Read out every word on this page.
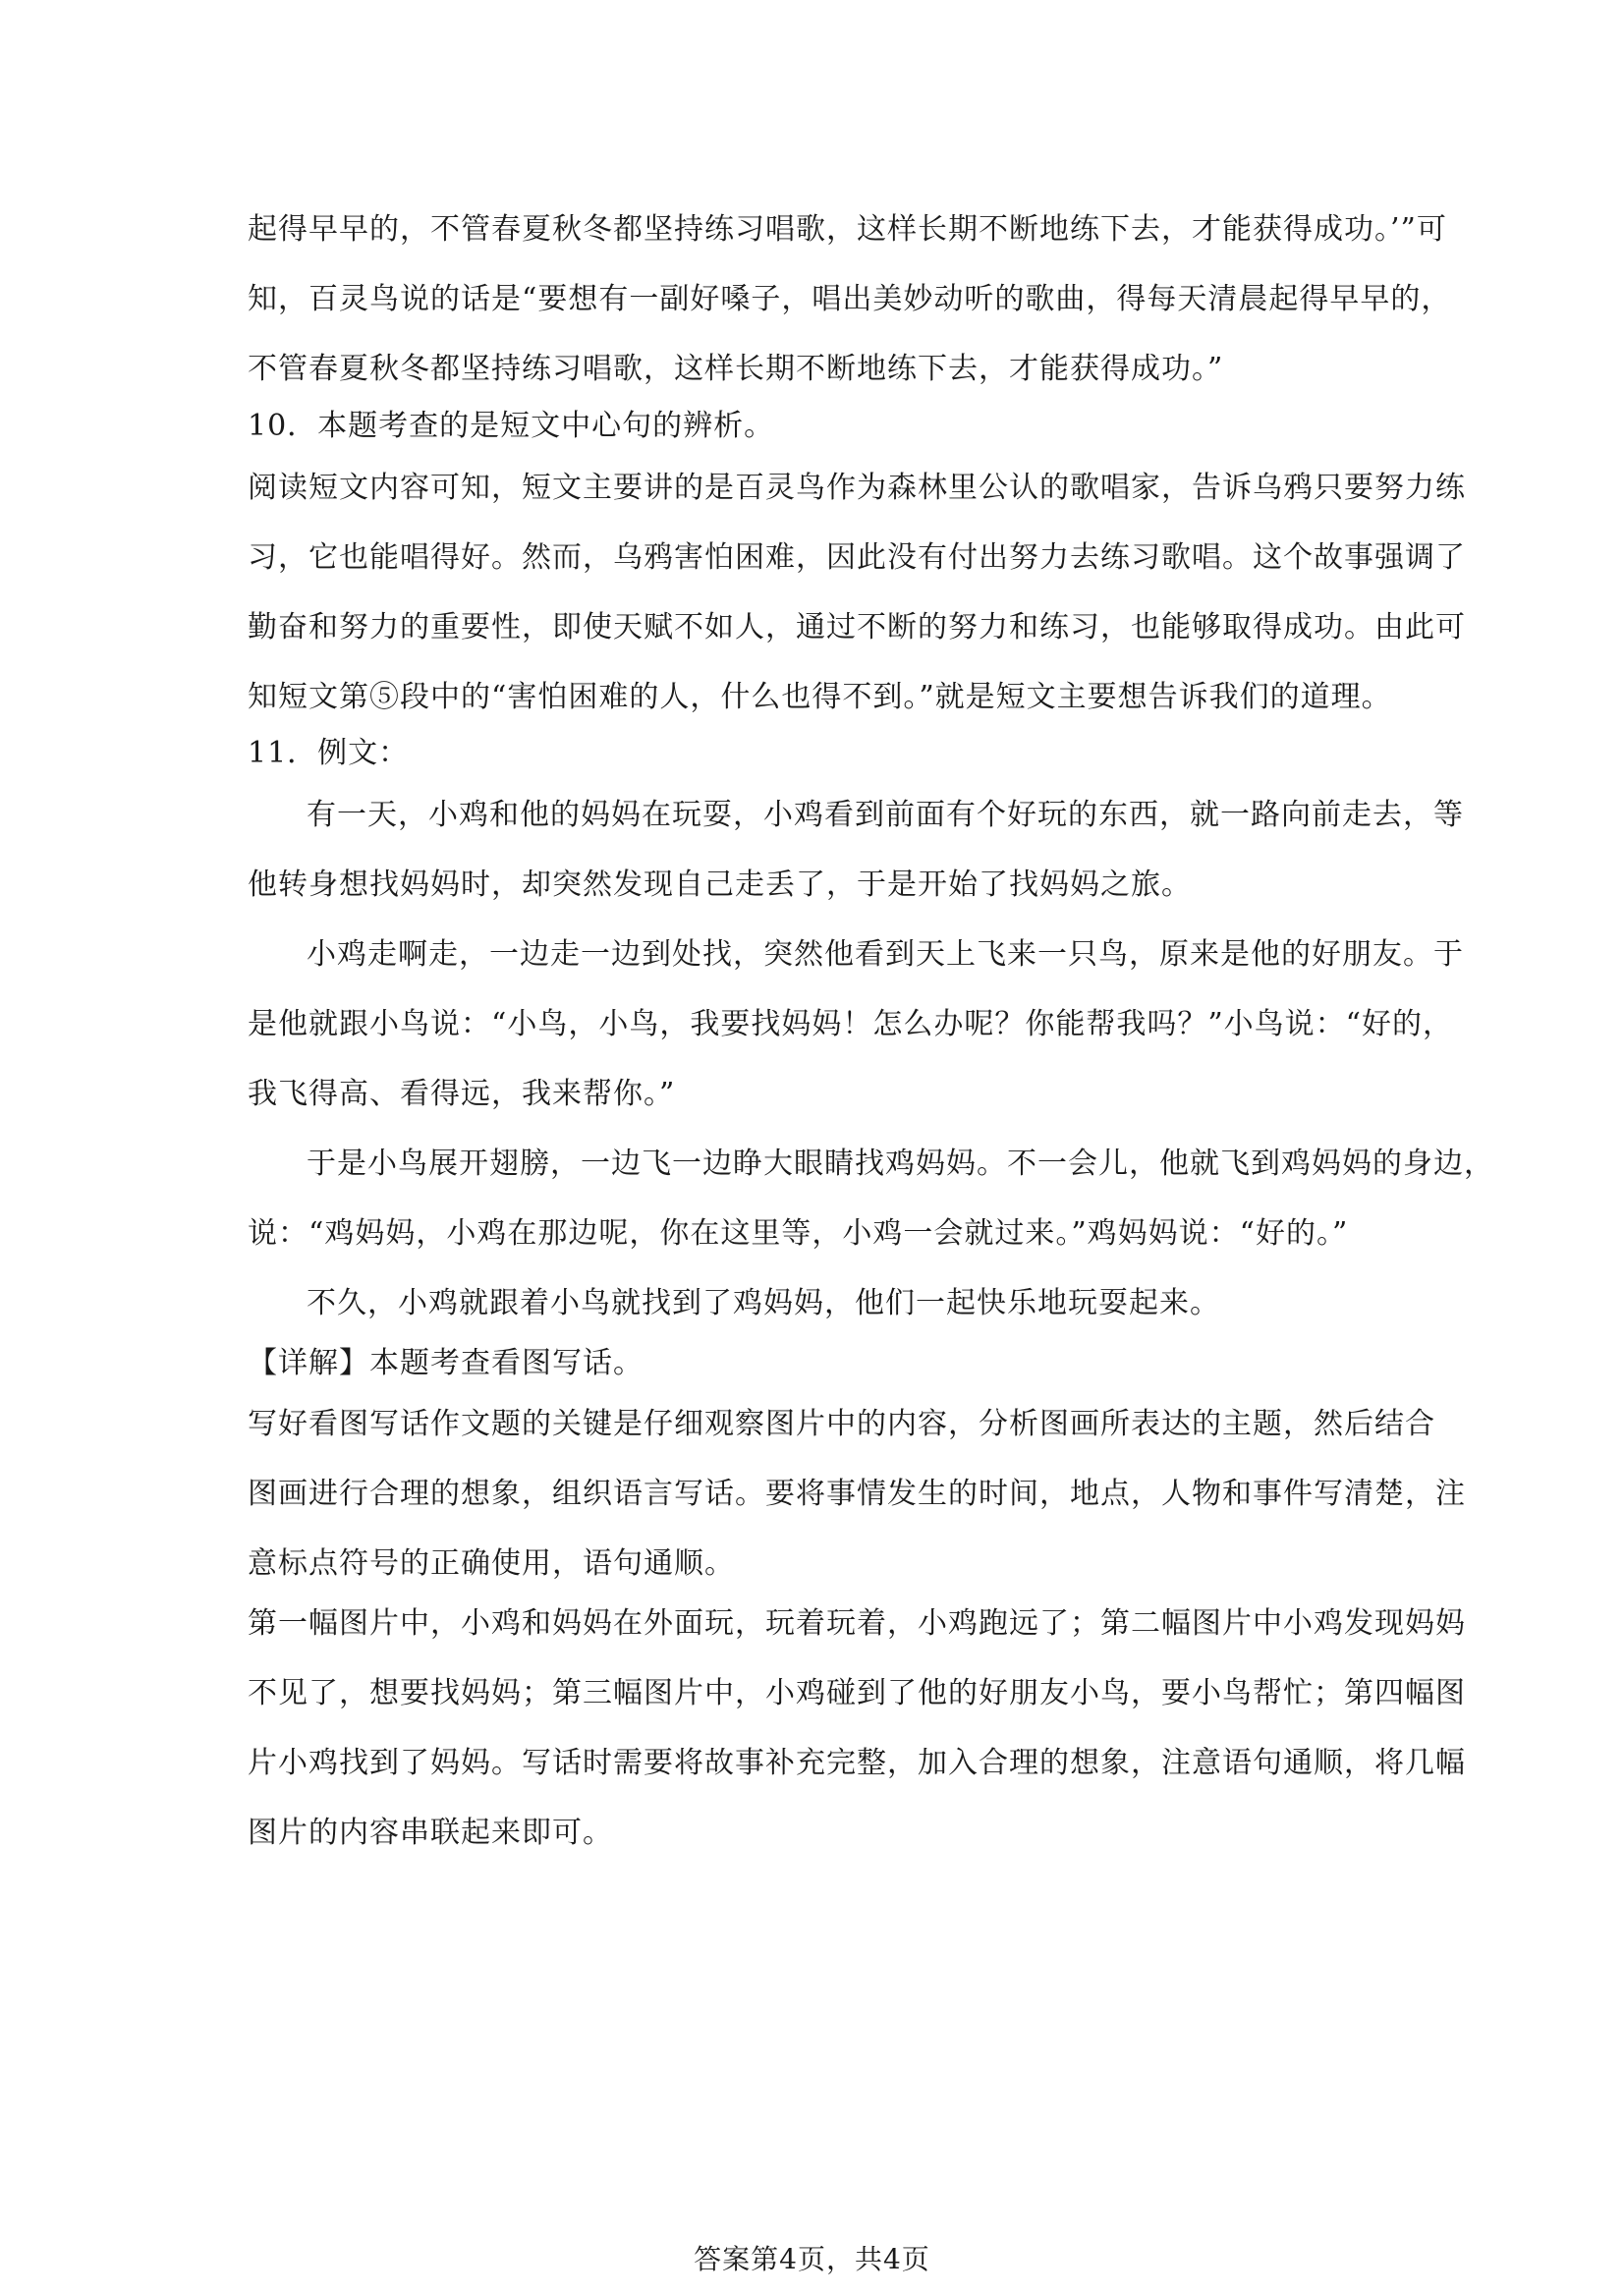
起得早早的，不管春夏秋冬都坚持练习唱歌，这样长期不断地练下去，才能获得成功。’”可
知，百灵鸟说的话是“要想有一副好嗓子，唱出美妙动听的歌曲，得每天清晨起得早早的，
不管春夏秋冬都坚持练习唱歌，这样长期不断地练下去，才能获得成功。”
10．本题考查的是短文中心句的辨析。
阅读短文内容可知，短文主要讲的是百灵鸟作为森林里公认的歌唱家，告诉乌鸦只要努力练
习，它也能唱得好。然而，乌鸦害怕困难，因此没有付出努力去练习歌唱。这个故事强调了
勤奋和努力的重要性，即使天赋不如人，通过不断的努力和练习，也能够取得成功。由此可
知短文第⑤段中的“害怕困难的人，什么也得不到。”就是短文主要想告诉我们的道理。
11．例文：
有一天，小鸡和他的妈妈在玩耍，小鸡看到前面有个好玩的东西，就一路向前走去，等
他转身想找妈妈时，却突然发现自己走丢了，于是开始了找妈妈之旅。
小鸡走啊走，一边走一边到处找，突然他看到天上飞来一只鸟，原来是他的好朋友。于
是他就跟小鸟说：“小鸟，小鸟，我要找妈妈！怎么办呢？你能帮我吗？”小鸟说：“好的，
我飞得高、看得远，我来帮你。”
于是小鸟展开翅膀，一边飞一边睁大眼睛找鸡妈妈。不一会儿，他就飞到鸡妈妈的身边，
说：“鸡妈妈，小鸡在那边呢，你在这里等，小鸡一会就过来。”鸡妈妈说：“好的。”
不久，小鸡就跟着小鸟就找到了鸡妈妈，他们一起快乐地玩耍起来。
【详解】本题考查看图写话。
写好看图写话作文题的关键是仔细观察图片中的内容，分析图画所表达的主题，然后结合
图画进行合理的想象，组织语言写话。要将事情发生的时间，地点，人物和事件写清楚，注
意标点符号的正确使用，语句通顺。
第一幅图片中，小鸡和妈妈在外面玩，玩着玩着，小鸡跑远了；第二幅图片中小鸡发现妈妈
不见了，想要找妈妈；第三幅图片中，小鸡碰到了他的好朋友小鸟，要小鸟帮忙；第四幅图
片小鸡找到了妈妈。写话时需要将故事补充完整，加入合理的想象，注意语句通顺，将几幅
图片的内容串联起来即可。
答案第4页，共4页
